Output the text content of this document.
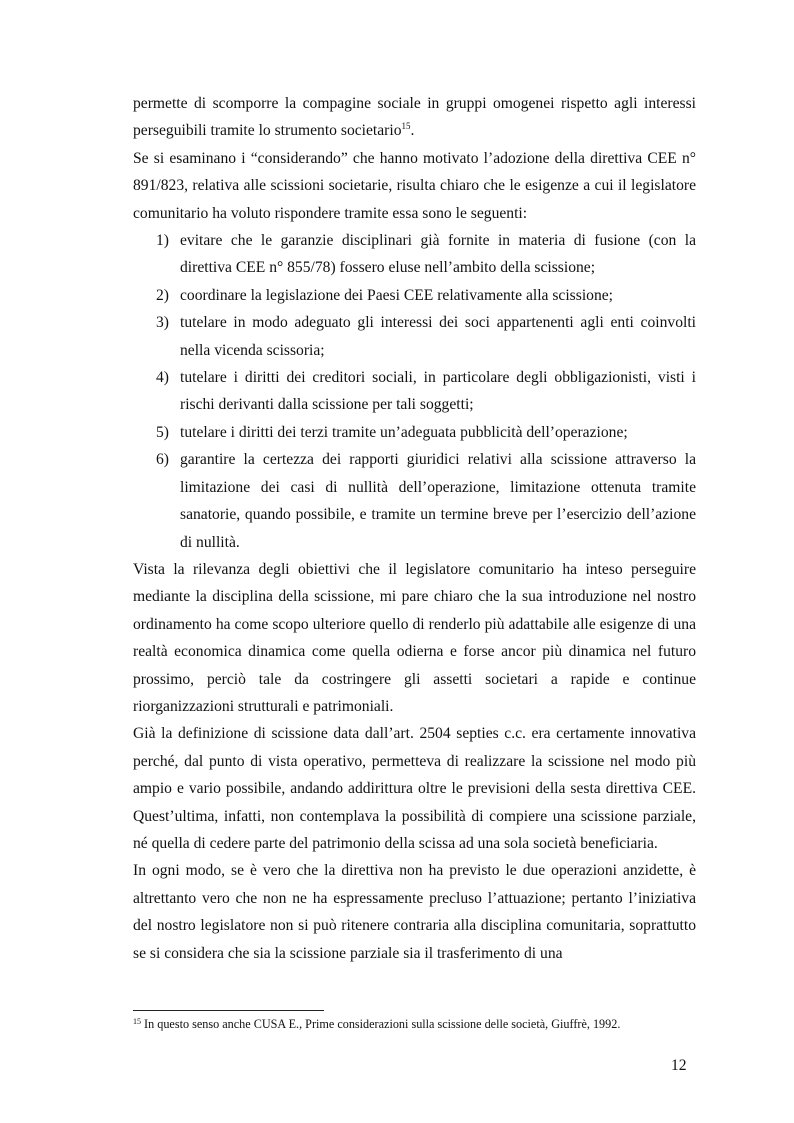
permette di scomporre la compagine sociale in gruppi omogenei rispetto agli interessi perseguibili tramite lo strumento societario$^{15}$.

Se si esaminano i “considerando” che hanno motivato l’adozione della direttiva CEE n° 891/823, relativa alle scissioni societarie, risulta chiaro che le esigenze a cui il legislatore comunitario ha voluto rispondere tramite essa sono le seguenti:

1) evitare che le garanzie disciplinari già fornite in materia di fusione (con la direttiva CEE n° 855/78) fossero eluse nell’ambito della scissione;
2) coordinare la legislazione dei Paesi CEE relativamente alla scissione;
3) tutelare in modo adeguato gli interessi dei soci appartenenti agli enti coinvolti nella vicenda scissoria;
4) tutelare i diritti dei creditori sociali, in particolare degli obbligazionisti, visti i rischi derivanti dalla scissione per tali soggetti;
5) tutelare i diritti dei terzi tramite un’adeguata pubblicità dell’operazione;
6) garantire la certezza dei rapporti giuridici relativi alla scissione attraverso la limitazione dei casi di nullità dell’operazione, limitazione ottenuta tramite sanatorie, quando possibile, e tramite un termine breve per l’esercizio dell’azione di nullità.

Vista la rilevanza degli obiettivi che il legislatore comunitario ha inteso perseguire mediante la disciplina della scissione, mi pare chiaro che la sua introduzione nel nostro ordinamento ha come scopo ulteriore quello di renderlo più adattabile alle esigenze di una realtà economica dinamica come quella odierna e forse ancor più dinamica nel futuro prossimo, perciò tale da costringere gli assetti societari a rapide e continue riorganizzazioni strutturali e patrimoniali.

Già la definizione di scissione data dall’art. 2504 septies c.c. era certamente innovativa perché, dal punto di vista operativo, permetteva di realizzare la scissione nel modo più ampio e vario possibile, andando addirittura oltre le previsioni della sesta direttiva CEE. Quest’ultima, infatti, non contemplava la possibilità di compiere una scissione parziale, né quella di cedere parte del patrimonio della scissa ad una sola società beneficiaria.

In ogni modo, se è vero che la direttiva non ha previsto le due operazioni anzidette, è altrettanto vero che non ne ha espressamente precluso l’attuazione; pertanto l’iniziativa del nostro legislatore non si può ritenere contraria alla disciplina comunitaria, soprattutto se si considera che sia la scissione parziale sia il trasferimento di una

$^{15}$ In questo senso anche CUSA E., Prime considerazioni sulla scissione delle società, Giuffrè, 1992.
12
